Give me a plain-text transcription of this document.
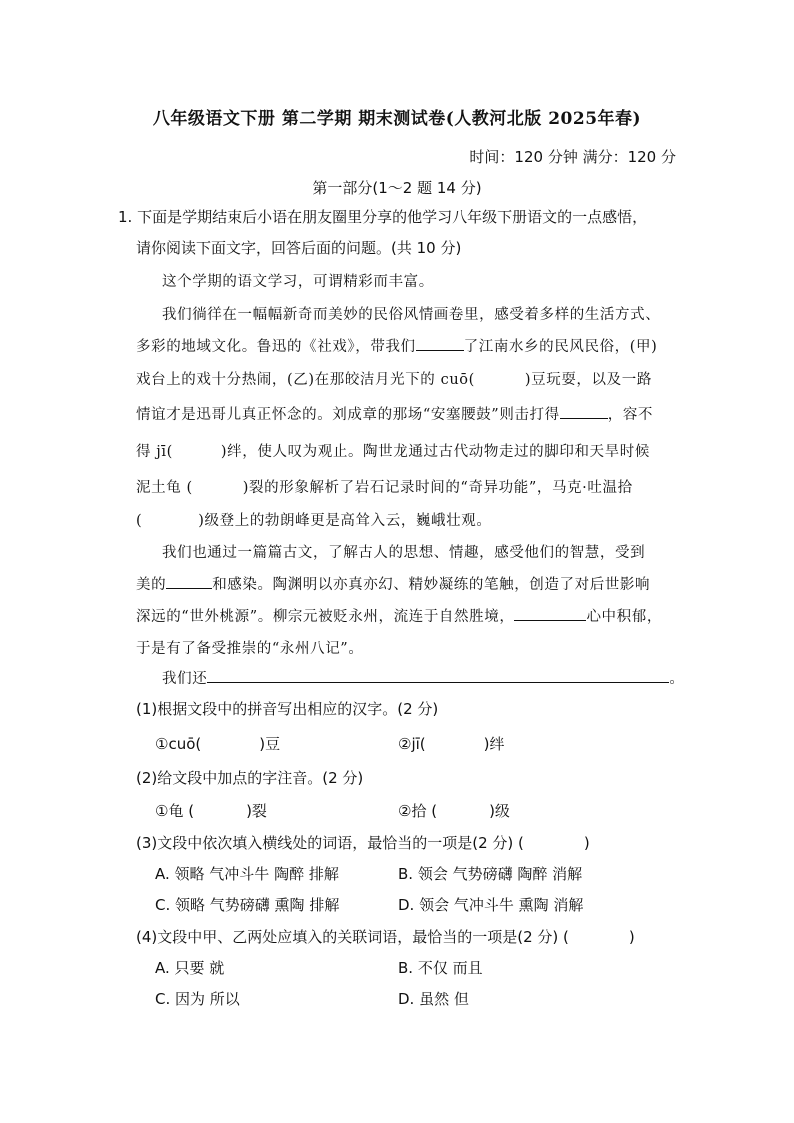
八年级语文下册 第二学期 期末测试卷(人教河北版 2025年春)
时间：120 分钟 满分：120 分
第一部分(1～2 题 14 分)
1. 下面是学期结束后小语在朋友圈里分享的他学习八年级下册语文的一点感悟，
请你阅读下面文字，回答后面的问题。(共 10 分)
这个学期的语文学习，可谓精彩而丰富。
我们徜徉在一幅幅新奇而美妙的民俗风情画卷里，感受着多样的生活方式、
多彩的地域文化。鲁迅的《社戏》，带我们	了江南水乡的民风民俗，(甲)
戏台上的戏十分热闹，(乙)在那皎洁月光下的 cuō(	)豆玩耍，以及一路
情谊才是迅哥儿真正怀念的。刘成章的那场“安塞腰鼓”则击打得	，容不
得 jī(	)绊，使人叹为观止。陶世龙通过古代动物走过的脚印和天旱时候
泥土龟 (	)裂的形象解析了岩石记录时间的“奇异功能”，马克·吐温拾
(	)级登上的勃朗峰更是高耸入云，巍峨壮观。
我们也通过一篇篇古文，了解古人的思想、情趣，感受他们的智慧，受到
美的	和感染。陶渊明以亦真亦幻、精妙凝练的笔触，创造了对后世影响
深远的“世外桃源”。柳宗元被贬永州，流连于自然胜境，	心中积郁，
于是有了备受推崇的“永州八记”。
我们还	。
(1)根据文段中的拼音写出相应的汉字。(2 分)
①cuō(	)豆	②jī(	)绊
(2)给文段中加点的字注音。(2 分)
①龟 (	)裂	②拾 (	)级
(3)文段中依次填入横线处的词语，最恰当的一项是(2 分) (	)
A. 领略 气冲斗牛 陶醉 排解	B. 领会 气势磅礴 陶醉 消解
C. 领略 气势磅礴 熏陶 排解	D. 领会 气冲斗牛 熏陶 消解
(4)文段中甲、乙两处应填入的关联词语，最恰当的一项是(2 分) (	)
A. 只要 就	B. 不仅 而且
C. 因为 所以	D. 虽然 但
